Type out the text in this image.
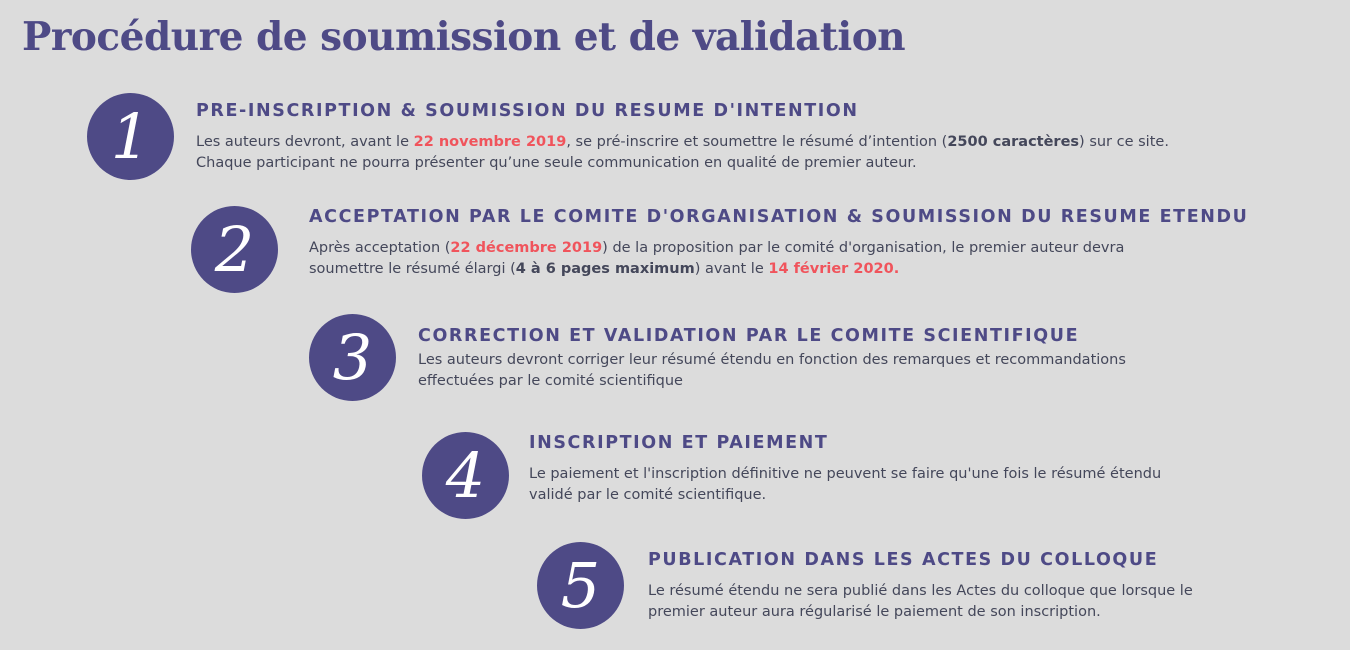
Procédure de soumission et de validation
1	PRE-INSCRIPTION & SOUMISSION DU RESUME D'INTENTION

Les auteurs devront, avant le 22 novembre 2019, se pré-inscrire et soumettre le résumé d’intention (2500 caractères) sur ce site.
Chaque participant ne pourra présenter qu’une seule communication en qualité de premier auteur.

2	ACCEPTATION PAR LE COMITE D'ORGANISATION & SOUMISSION DU RESUME ETENDU

Après acceptation (22 décembre 2019) de la proposition par le comité d'organisation, le premier auteur devra
soumettre le résumé élargi (4 à 6 pages maximum) avant le 14 février 2020.

3	CORRECTION ET VALIDATION PAR LE COMITE SCIENTIFIQUE

Les auteurs devront corriger leur résumé étendu en fonction des remarques et recommandations
effectuées par le comité scientifique

4	INSCRIPTION ET PAIEMENT

Le paiement et l'inscription définitive ne peuvent se faire qu'une fois le résumé étendu
validé par le comité scientifique.

5	PUBLICATION DANS LES ACTES DU COLLOQUE

Le résumé étendu ne sera publié dans les Actes du colloque que lorsque le
premier auteur aura régularisé le paiement de son inscription.
